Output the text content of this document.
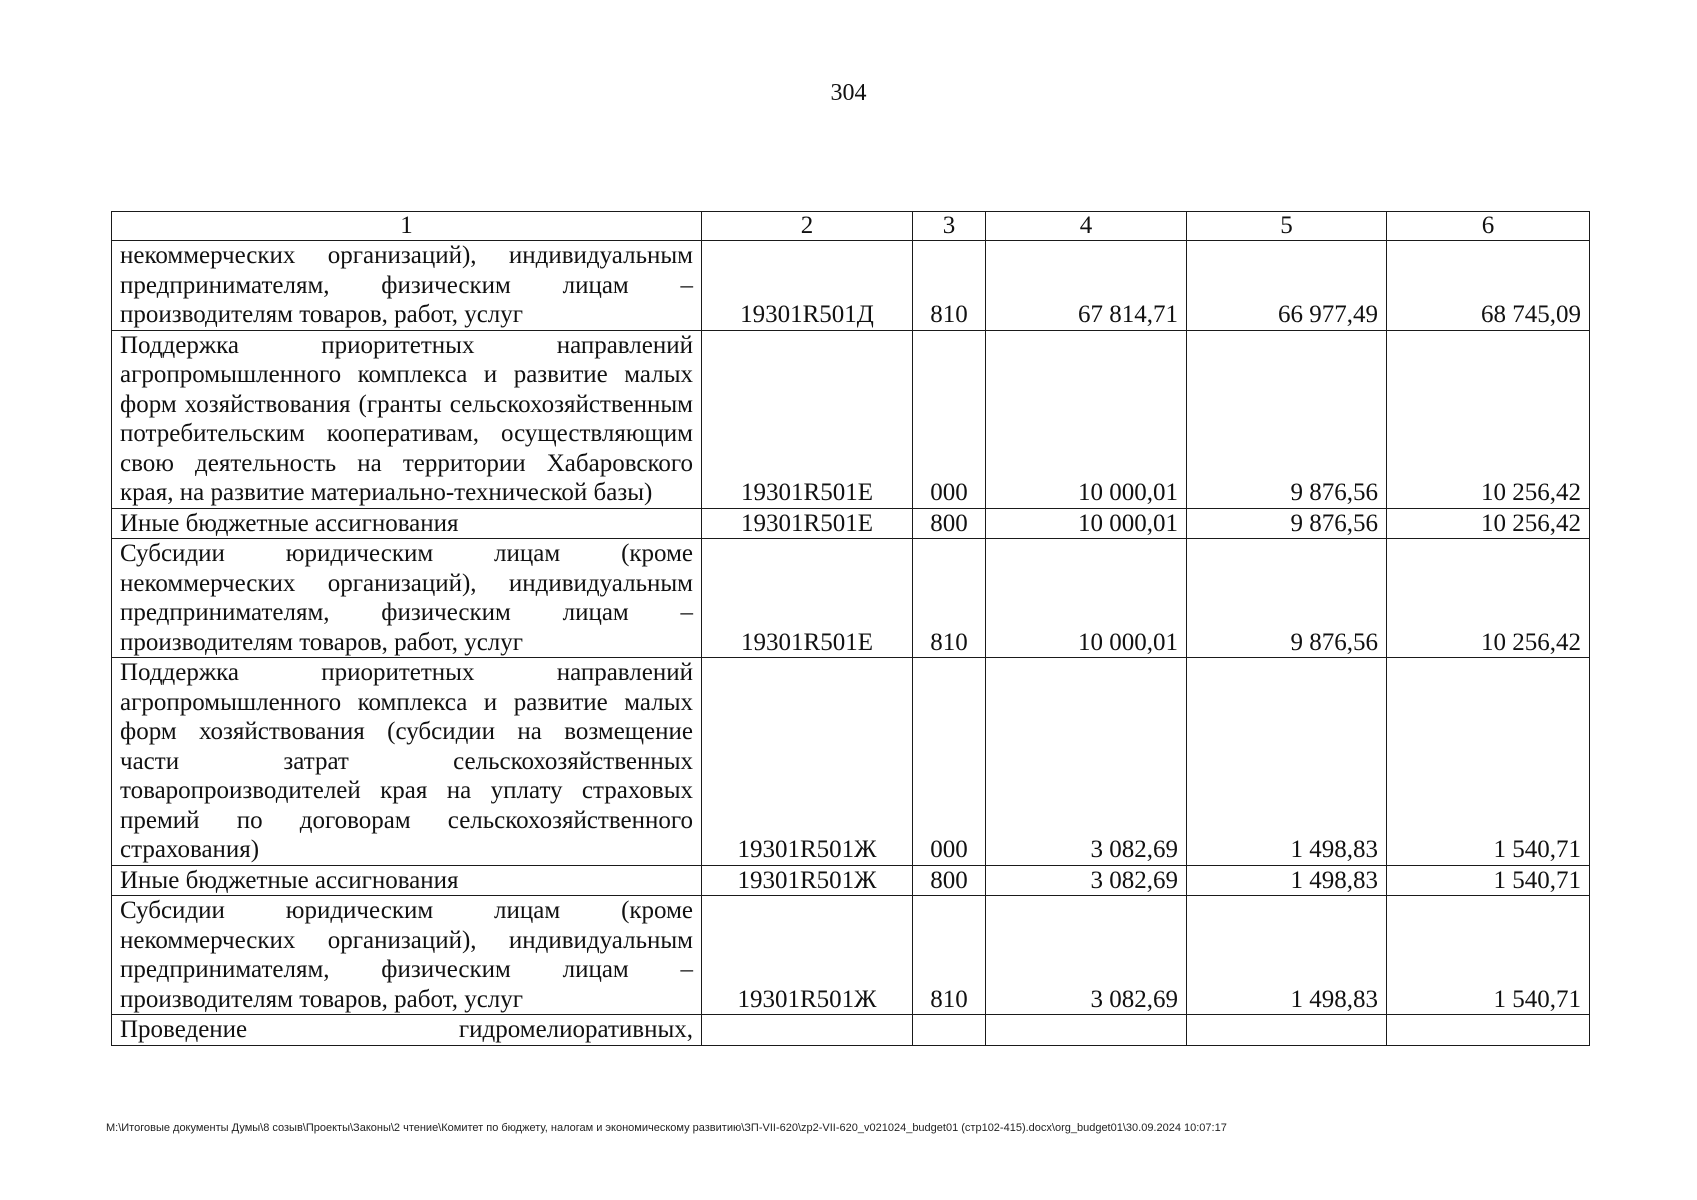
304
1	2	3	4	5	6
некоммерческих организаций), индивидуальным предпринимателям, физическим лицам – производителям товаров, работ, услуг	19301R501Д	810	67 814,71	66 977,49	68 745,09
Поддержка приоритетных направлений агропромышленного комплекса и развитие малых форм хозяйствования (гранты сельскохозяйственным потребительским кооперативам, осуществляющим свою деятельность на территории Хабаровского края, на развитие материально-технической базы)	19301R501Е	000	10 000,01	9 876,56	10 256,42
Иные бюджетные ассигнования	19301R501Е	800	10 000,01	9 876,56	10 256,42
Субсидии юридическим лицам (кроме некоммерческих организаций), индивидуальным предпринимателям, физическим лицам – производителям товаров, работ, услуг	19301R501Е	810	10 000,01	9 876,56	10 256,42
Поддержка приоритетных направлений агропромышленного комплекса и развитие малых форм хозяйствования (субсидии на возмещение части затрат сельскохозяйственных товаропроизводителей края на уплату страховых премий по договорам сельскохозяйственного страхования)	19301R501Ж	000	3 082,69	1 498,83	1 540,71
Иные бюджетные ассигнования	19301R501Ж	800	3 082,69	1 498,83	1 540,71
Субсидии юридическим лицам (кроме некоммерческих организаций), индивидуальным предпринимателям, физическим лицам – производителям товаров, работ, услуг	19301R501Ж	810	3 082,69	1 498,83	1 540,71
Проведение гидромелиоративных,					
M:\Итоговые документы Думы\8 созыв\Проекты\Законы\2 чтение\Комитет по бюджету, налогам и экономическому развитию\ЗП-VII-620\zp2-VII-620_v021024_budget01 (стр102-415).docx\org_budget01\30.09.2024 10:07:17
